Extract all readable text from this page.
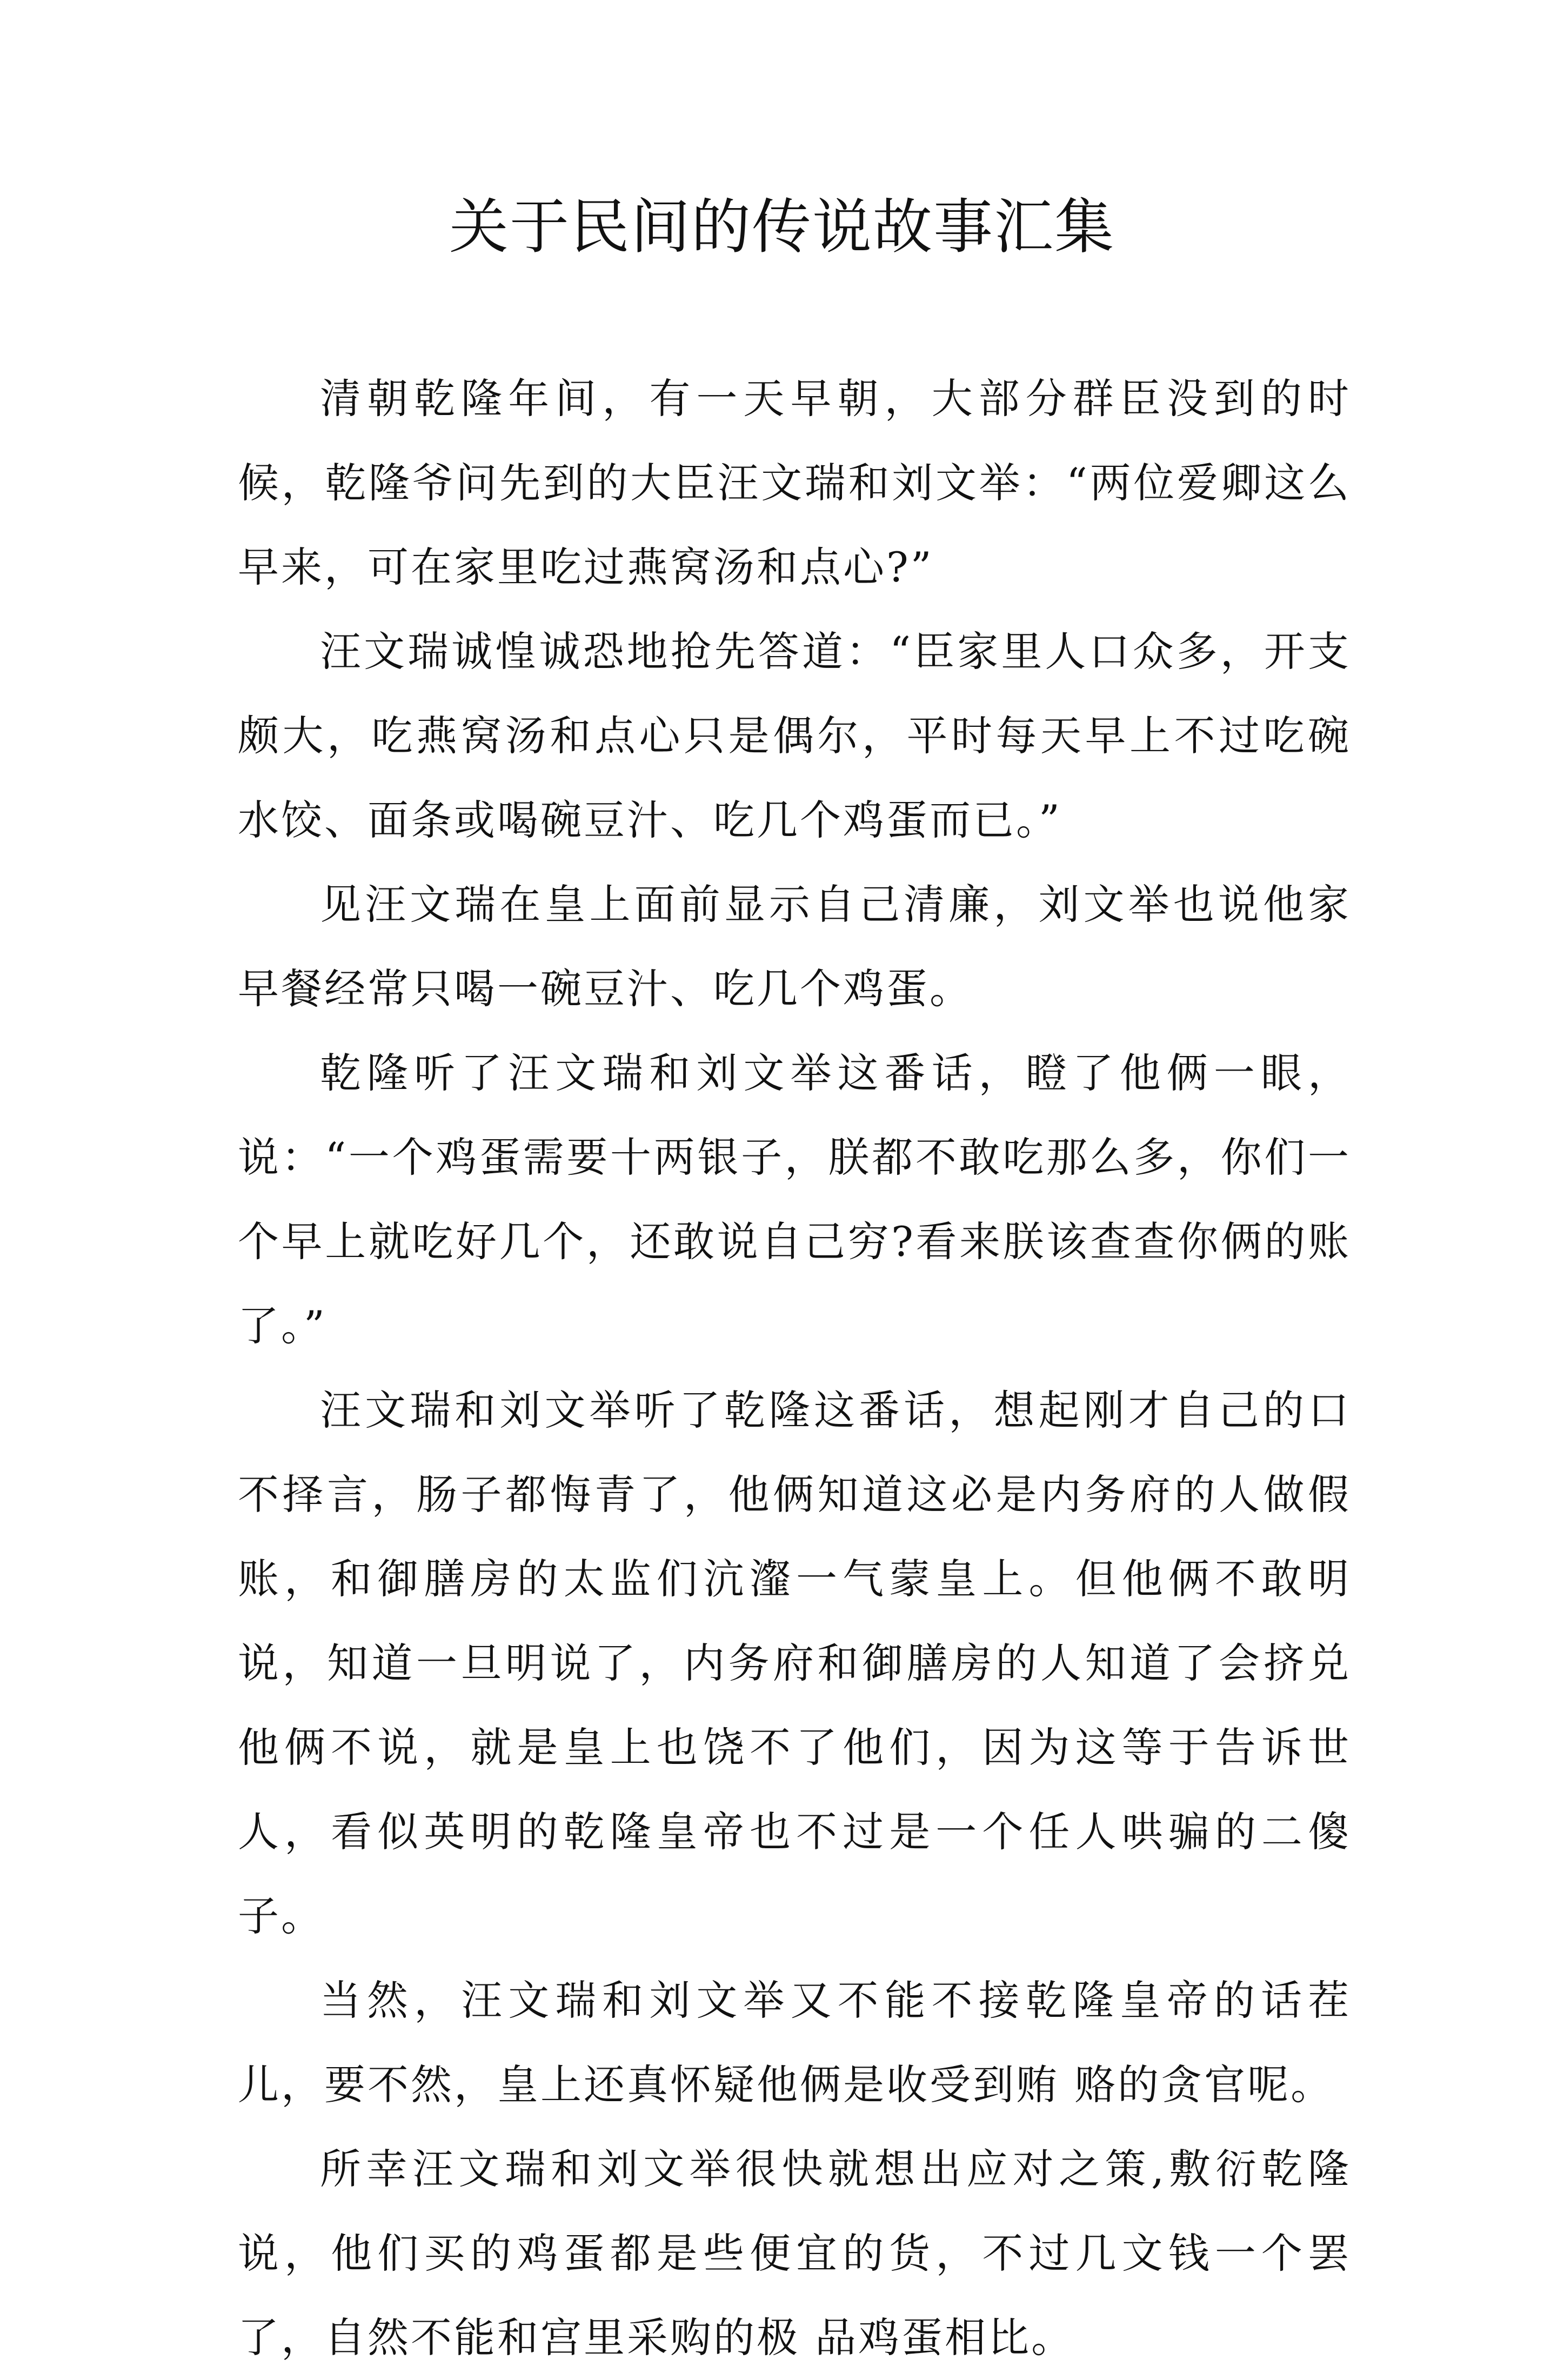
关于民间的传说故事汇集

清朝乾隆年间，有一天早朝，大部分群臣没到的时候，乾隆爷问先到的大臣汪文瑞和刘文举：“两位爱卿这么早来，可在家里吃过燕窝汤和点心?”

汪文瑞诚惶诚恐地抢先答道：“臣家里人口众多，开支颇大，吃燕窝汤和点心只是偶尔，平时每天早上不过吃碗水饺、面条或喝碗豆汁、吃几个鸡蛋而已。”

见汪文瑞在皇上面前显示自己清廉，刘文举也说他家早餐经常只喝一碗豆汁、吃几个鸡蛋。

乾隆听了汪文瑞和刘文举这番话，瞪了他俩一眼，说：“一个鸡蛋需要十两银子，朕都不敢吃那么多，你们一个早上就吃好几个，还敢说自己穷?看来朕该查查你俩的账了。”

汪文瑞和刘文举听了乾隆这番话，想起刚才自己的口不择言，肠子都悔青了，他俩知道这必是内务府的人做假账，和御膳房的太监们沆瀣一气蒙皇上。但他俩不敢明说，知道一旦明说了，内务府和御膳房的人知道了会挤兑他俩不说，就是皇上也饶不了他们，因为这等于告诉世人，看似英明的乾隆皇帝也不过是一个任人哄骗的二傻子。

当然，汪文瑞和刘文举又不能不接乾隆皇帝的话茬儿，要不然，皇上还真怀疑他俩是收受到贿 赂的贪官呢。

所幸汪文瑞和刘文举很快就想出应对之策,敷衍乾隆说，他们买的鸡蛋都是些便宜的货，不过几文钱一个罢了，自然不能和宫里采购的极 品鸡蛋相比。
